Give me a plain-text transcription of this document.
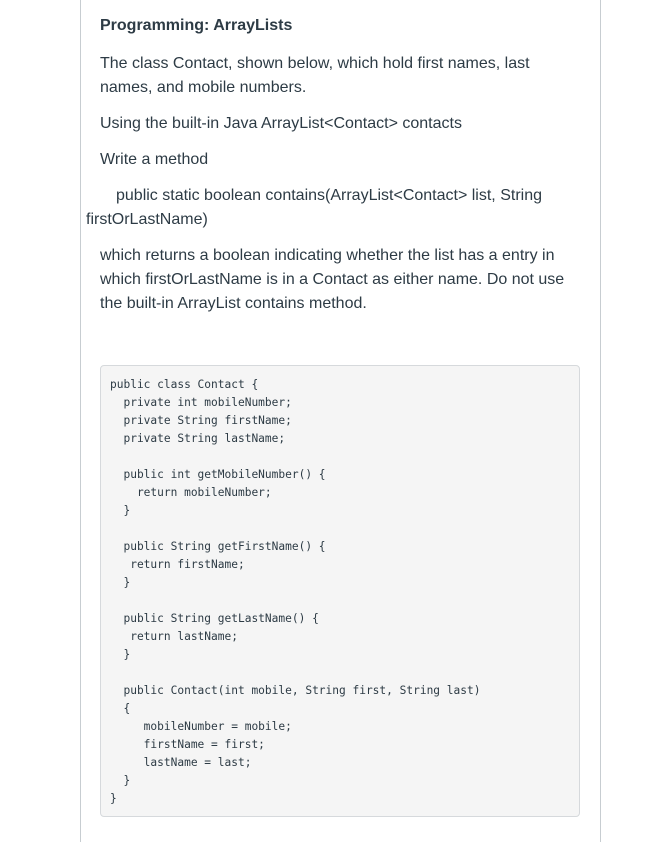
Programming: ArrayLists
The class Contact, shown below, which hold first names, last names, and mobile numbers.
Using the built-in Java ArrayList<Contact> contacts
Write a method
public static boolean contains(ArrayList<Contact> list, String
firstOrLastName)
which returns a boolean indicating whether the list has a entry in which firstOrLastName is in a Contact as either name. Do not use the built-in ArrayList contains method.
public class Contact {
private int mobileNumber;
private String firstName;
private String lastName;
public int getMobileNumber() {
return mobileNumber;
}
public String getFirstName() {
return firstName;
}
public String getLastName() {
return lastName;
}
public Contact(int mobile, String first, String last)
{
mobileNumber = mobile;
firstName = first;
lastName = last;
}
}
